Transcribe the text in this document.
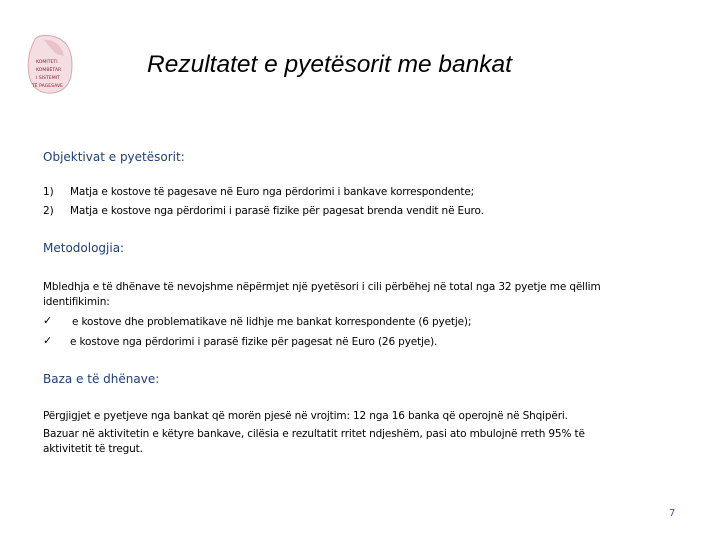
KOMITETI
KOMBËTAR
I SISTEMIT
TË PAGESAVE
Rezultatet e pyetësorit me bankat
Objektivat e pyetësorit:
1) Matja e kostove të pagesave në Euro nga përdorimi i bankave korrespondente;
2) Matja e kostove nga përdorimi i parasë fizike për pagesat brenda vendit në Euro.
Metodologjia:
Mbledhja e të dhënave të nevojshme nëpërmjet një pyetësori i cili përbëhej në total nga 32 pyetje me qëllim
identifikimin:
✓ e kostove dhe problematikave në lidhje me bankat korrespondente (6 pyetje);
✓ e kostove nga përdorimi i parasë fizike për pagesat në Euro (26 pyetje).
Baza e të dhënave:
Përgjigjet e pyetjeve nga bankat që morën pjesë në vrojtim: 12 nga 16 banka që operojnë në Shqipëri.
Bazuar në aktivitetin e këtyre bankave, cilësia e rezultatit rritet ndjeshëm, pasi ato mbulojnë rreth 95% të
aktivitetit të tregut.
7
